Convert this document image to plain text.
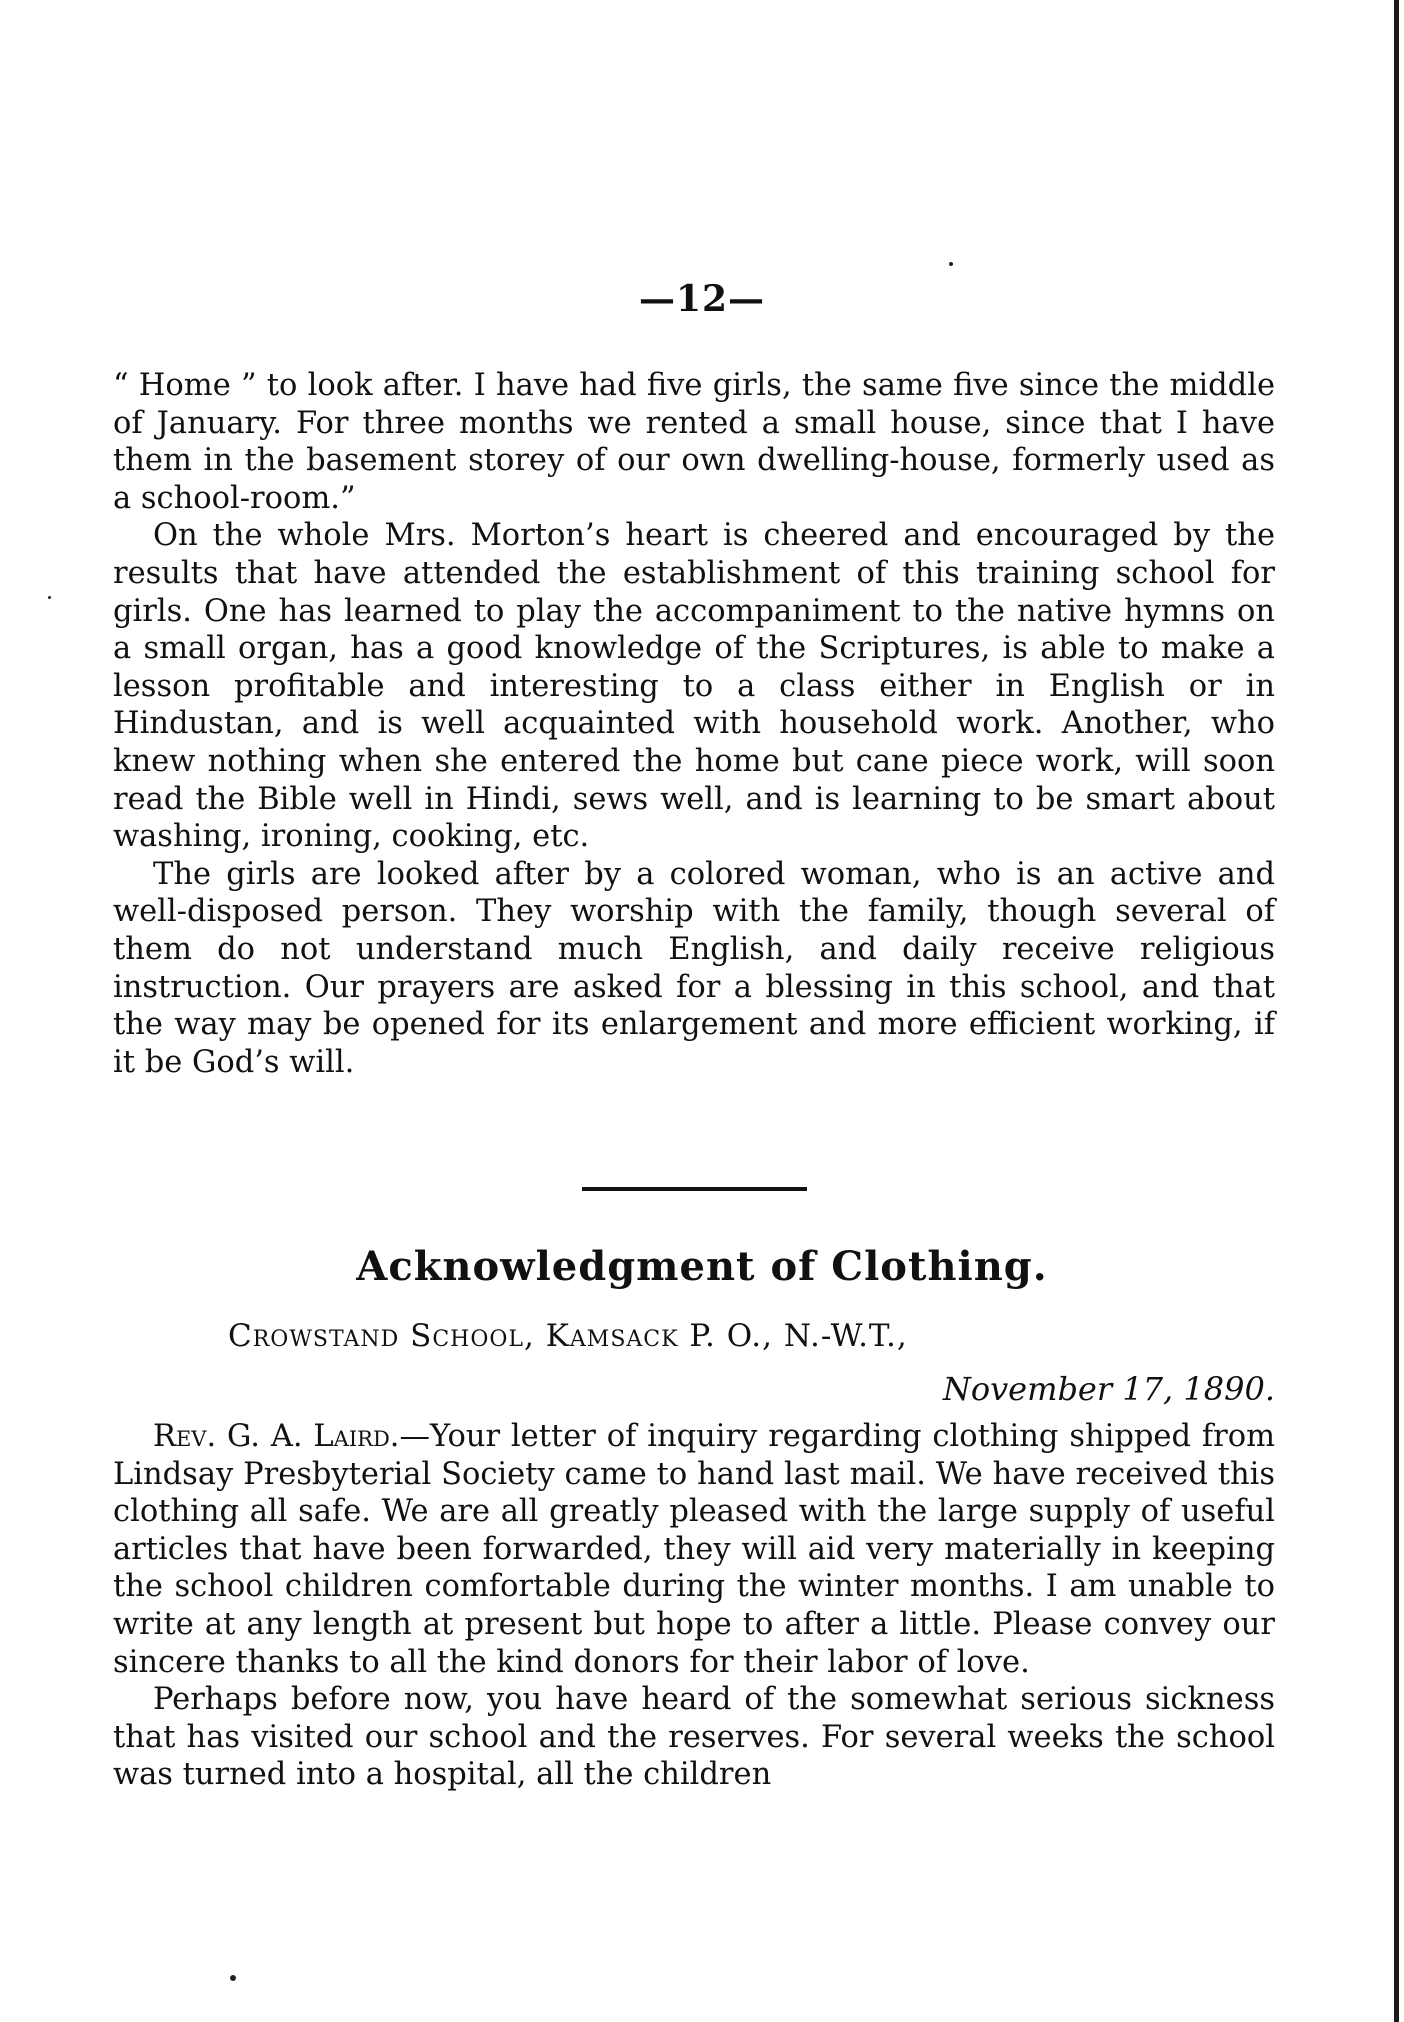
—12—

“ Home ” to look after. I have had five girls, the same five since the middle of January. For three months we rented a small house, since that I have them in the basement storey of our own dwelling-house, formerly used as a school-room.”

On the whole Mrs. Morton’s heart is cheered and encouraged by the results that have attended the establishment of this training school for girls. One has learned to play the accompaniment to the native hymns on a small organ, has a good knowledge of the Scriptures, is able to make a lesson profitable and interesting to a class either in English or in Hindustan, and is well acquainted with household work. Another, who knew nothing when she entered the home but cane piece work, will soon read the Bible well in Hindi, sews well, and is learning to be smart about washing, ironing, cooking, etc.

The girls are looked after by a colored woman, who is an active and well-disposed person. They worship with the family, though several of them do not understand much English, and daily receive religious instruction. Our prayers are asked for a blessing in this school, and that the way may be opened for its enlargement and more efficient working, if it be God’s will.

Acknowledgment of Clothing.

Crowstand School, Kamsack P. O., N.-W.T.,

November 17, 1890.

Rev. G. A. Laird.—Your letter of inquiry regarding clothing shipped from Lindsay Presbyterial Society came to hand last mail. We have received this clothing all safe. We are all greatly pleased with the large supply of useful articles that have been forwarded, they will aid very materially in keeping the school children comfortable during the winter months. I am unable to write at any length at present but hope to after a little. Please convey our sincere thanks to all the kind donors for their labor of love.

Perhaps before now, you have heard of the somewhat serious sickness that has visited our school and the reserves. For several weeks the school was turned into a hospital, all the children
